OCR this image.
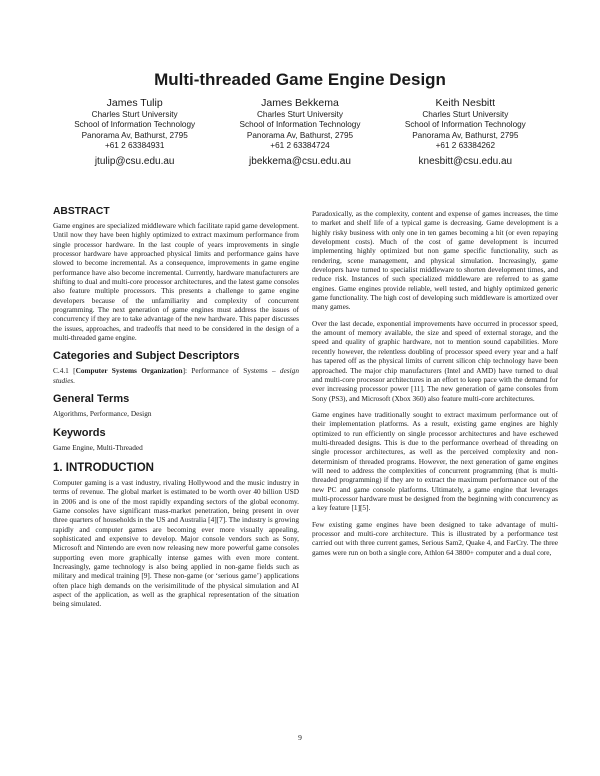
Multi-threaded Game Engine Design
James Tulip
Charles Sturt University
School of Information Technology
Panorama Av, Bathurst, 2795
+61 2 63384931
jtulip@csu.edu.au
James Bekkema
Charles Sturt University
School of Information Technology
Panorama Av, Bathurst, 2795
+61 2 63384724
jbekkema@csu.edu.au
Keith Nesbitt
Charles Sturt University
School of Information Technology
Panorama Av, Bathurst, 2795
+61 2 63384262
knesbitt@csu.edu.au
ABSTRACT

Game engines are specialized middleware which facilitate rapid game development. Until now they have been highly optimized to extract maximum performance from single processor hardware. In the last couple of years improvements in single processor hardware have approached physical limits and performance gains have slowed to become incremental. As a consequence, improvements in game engine performance have also become incremental. Currently, hardware manufacturers are shifting to dual and multi-core processor architectures, and the latest game consoles also feature multiple processors. This presents a challenge to game engine developers because of the unfamiliarity and complexity of concurrent programming. The next generation of game engines must address the issues of concurrency if they are to take advantage of the new hardware. This paper discusses the issues, approaches, and tradeoffs that need to be considered in the design of a multi-threaded game engine.

Categories and Subject Descriptors

C.4.1 [Computer Systems Organization]: Performance of Systems – design studies.

General Terms

Algorithms, Performance, Design

Keywords

Game Engine, Multi-Threaded

1. INTRODUCTION

Computer gaming is a vast industry, rivaling Hollywood and the music industry in terms of revenue. The global market is estimated to be worth over 40 billion USD in 2006 and is one of the most rapidly expanding sectors of the global economy. Game consoles have significant mass-market penetration, being present in over three quarters of households in the US and Australia [4][7]. The industry is growing rapidly and computer games are becoming ever more visually appealing, sophisticated and expensive to develop. Major console vendors such as Sony, Microsoft and Nintendo are even now releasing new more powerful game consoles supporting even more graphically intense games with even more content. Increasingly, game technology is also being applied in non-game fields such as military and medical training [9]. These non-game (or ‘serious game’) applications often place high demands on the verisimilitude of the physical simulation and AI aspect of the application, as well as the graphical representation of the situation being simulated.

Paradoxically, as the complexity, content and expense of games increases, the time to market and shelf life of a typical game is decreasing. Game development is a highly risky business with only one in ten games becoming a hit (or even repaying development costs). Much of the cost of game development is incurred implementing highly optimized but non game specific functionality, such as rendering, scene management, and physical simulation. Increasingly, game developers have turned to specialist middleware to shorten development times, and reduce risk. Instances of such specialized middleware are referred to as game engines. Game engines provide reliable, well tested, and highly optimized generic game functionality. The high cost of developing such middleware is amortized over many games.

Over the last decade, exponential improvements have occurred in processor speed, the amount of memory available, the size and speed of external storage, and the speed and quality of graphic hardware, not to mention sound capabilities. More recently however, the relentless doubling of processor speed every year and a half has tapered off as the physical limits of current silicon chip technology have been approached. The major chip manufacturers (Intel and AMD) have turned to dual and multi-core processor architectures in an effort to keep pace with the demand for ever increasing processor power [11]. The new generation of game consoles from Sony (PS3), and Microsoft (Xbox 360) also feature multi-core architectures.

Game engines have traditionally sought to extract maximum performance out of their implementation platforms. As a result, existing game engines are highly optimized to run efficiently on single processor architectures and have eschewed multi-threaded designs. This is due to the performance overhead of threading on single processor architectures, as well as the perceived complexity and non-determinism of threaded programs. However, the next generation of game engines will need to address the complexities of concurrent programming (that is multi-threaded programming) if they are to extract the maximum performance out of the new PC and game console platforms. Ultimately, a game engine that leverages multi-processor hardware must be designed from the beginning with concurrency as a key feature [1][5].

Few existing game engines have been designed to take advantage of multi-processor and multi-core architecture. This is illustrated by a performance test carried out with three current games, Serious Sam2, Quake 4, and FarCry. The three games were run on both a single core, Athlon 64 3800+ computer and a dual core,

9
